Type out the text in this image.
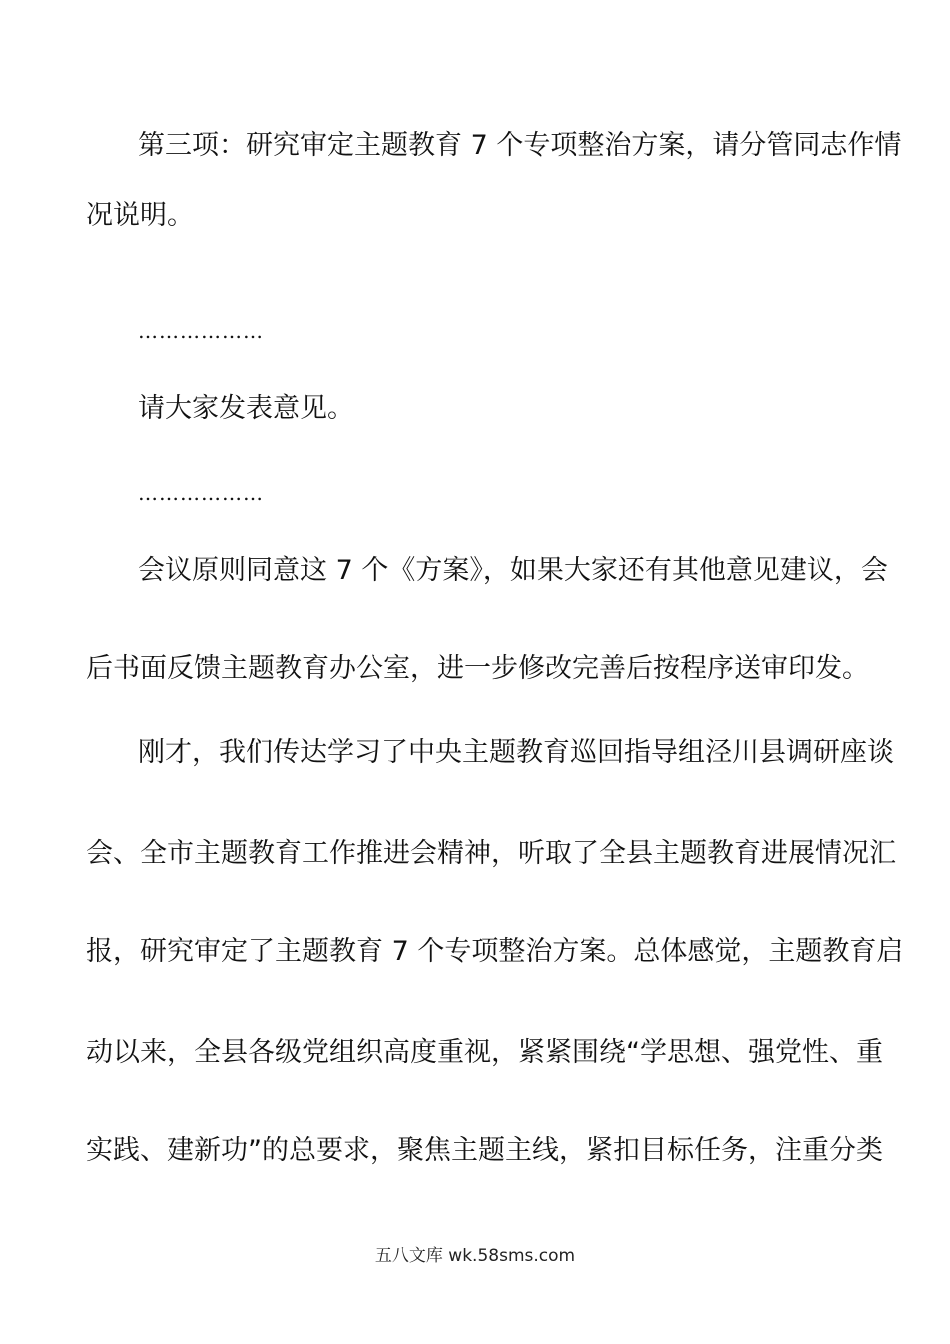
第三项：研究审定主题教育 7 个专项整治方案，请分管同志作情
况说明。
………………
请大家发表意见。
………………
会议原则同意这 7 个《方案》，如果大家还有其他意见建议，会
后书面反馈主题教育办公室，进一步修改完善后按程序送审印发。
刚才，我们传达学习了中央主题教育巡回指导组泾川县调研座谈
会、全市主题教育工作推进会精神，听取了全县主题教育进展情况汇
报，研究审定了主题教育 7 个专项整治方案。总体感觉，主题教育启
动以来，全县各级党组织高度重视，紧紧围绕“学思想、强党性、重
实践、建新功”的总要求，聚焦主题主线，紧扣目标任务，注重分类
五八文库 wk.58sms.com
